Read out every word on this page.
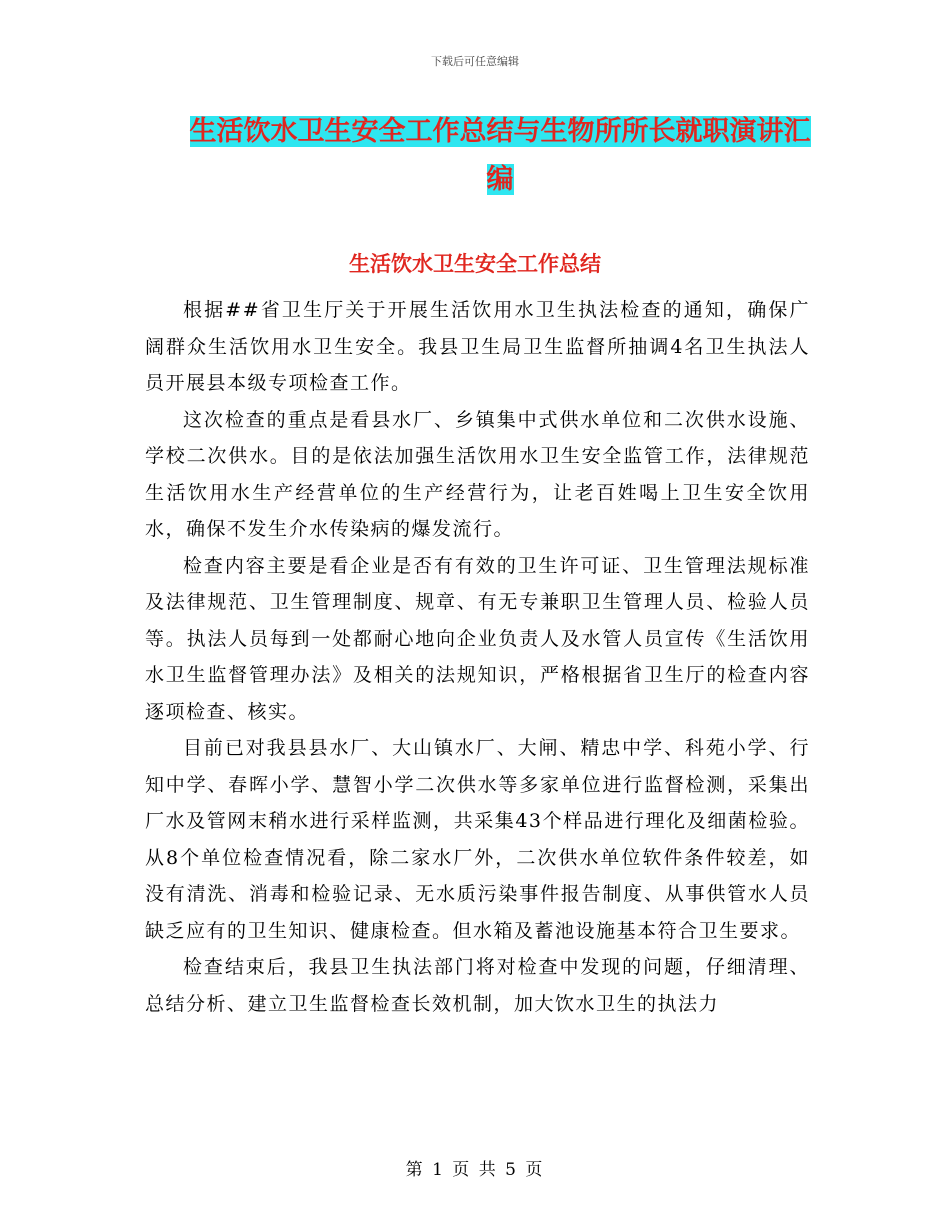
下载后可任意编辑
生活饮水卫生安全工作总结与生物所所长就职演讲汇
编
生活饮水卫生安全工作总结

根据##省卫生厅关于开展生活饮用水卫生执法检查的通知，确保广阔群众生活饮用水卫生安全。我县卫生局卫生监督所抽调4名卫生执法人员开展县本级专项检查工作。

这次检查的重点是看县水厂、乡镇集中式供水单位和二次供水设施、学校二次供水。目的是依法加强生活饮用水卫生安全监管工作，法律规范生活饮用水生产经营单位的生产经营行为，让老百姓喝上卫生安全饮用水，确保不发生介水传染病的爆发流行。

检查内容主要是看企业是否有有效的卫生许可证、卫生管理法规标准及法律规范、卫生管理制度、规章、有无专兼职卫生管理人员、检验人员等。执法人员每到一处都耐心地向企业负责人及水管人员宣传《生活饮用水卫生监督管理办法》及相关的法规知识，严格根据省卫生厅的检查内容逐项检查、核实。

目前已对我县县水厂、大山镇水厂、大闸、精忠中学、科苑小学、行知中学、春晖小学、慧智小学二次供水等多家单位进行监督检测，采集出厂水及管网末稍水进行采样监测，共采集43个样品进行理化及细菌检验。从8个单位检查情况看，除二家水厂外，二次供水单位软件条件较差，如没有清洗、消毒和检验记录、无水质污染事件报告制度、从事供管水人员缺乏应有的卫生知识、健康检查。但水箱及蓄池设施基本符合卫生要求。

检查结束后，我县卫生执法部门将对检查中发现的问题，仔细清理、总结分析、建立卫生监督检查长效机制，加大饮水卫生的执法力

第 1 页 共 5 页
